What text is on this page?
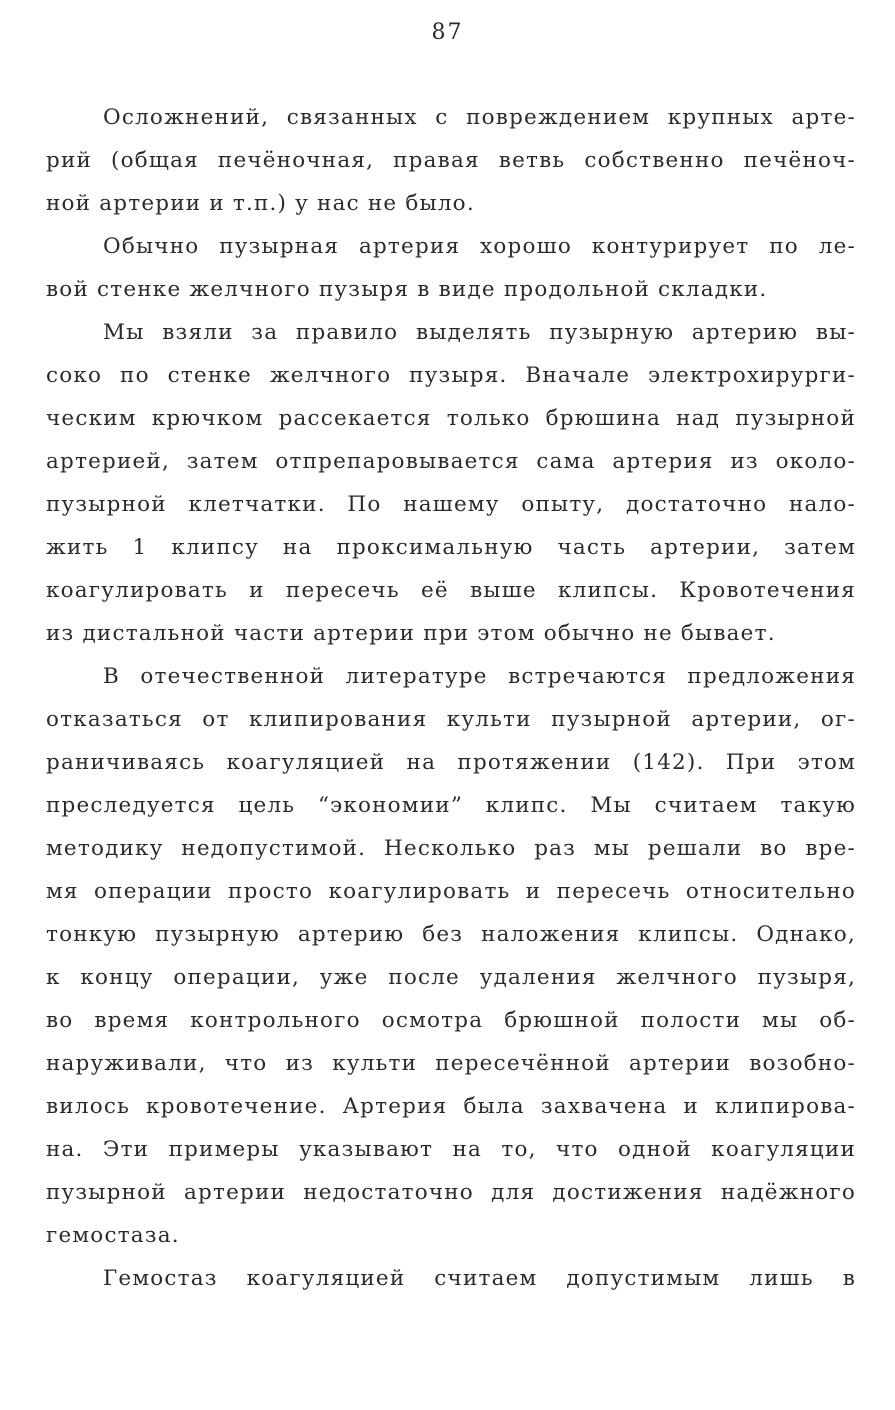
87
Осложнений, связанных с повреждением крупных арте-
рий (общая печёночная, правая ветвь собственно печёноч-
ной артерии и т.п.) у нас не было.
Обычно пузырная артерия хорошо контурирует по ле-
вой стенке желчного пузыря в виде продольной складки.
Мы взяли за правило выделять пузырную артерию вы-
соко по стенке желчного пузыря. Вначале электрохирурги-
ческим крючком рассекается только брюшина над пузырной
артерией, затем отпрепаровывается сама артерия из около-
пузырной клетчатки. По нашему опыту, достаточно нало-
жить 1 клипсу на проксимальную часть артерии, затем
коагулировать и пересечь её выше клипсы. Кровотечения
из дистальной части артерии при этом обычно не бывает.
В отечественной литературе встречаются предложения
отказаться от клипирования культи пузырной артерии, ог-
раничиваясь коагуляцией на протяжении (142). При этом
преследуется цель “экономии” клипс. Мы считаем такую
методику недопустимой. Несколько раз мы решали во вре-
мя операции просто коагулировать и пересечь относительно
тонкую пузырную артерию без наложения клипсы. Однако,
к концу операции, уже после удаления желчного пузыря,
во время контрольного осмотра брюшной полости мы об-
наруживали, что из культи пересечённой артерии возобно-
вилось кровотечение. Артерия была захвачена и клипирова-
на. Эти примеры указывают на то, что одной коагуляции
пузырной артерии недостаточно для достижения надёжного
гемостаза.
Гемостаз коагуляцией считаем допустимым лишь в
